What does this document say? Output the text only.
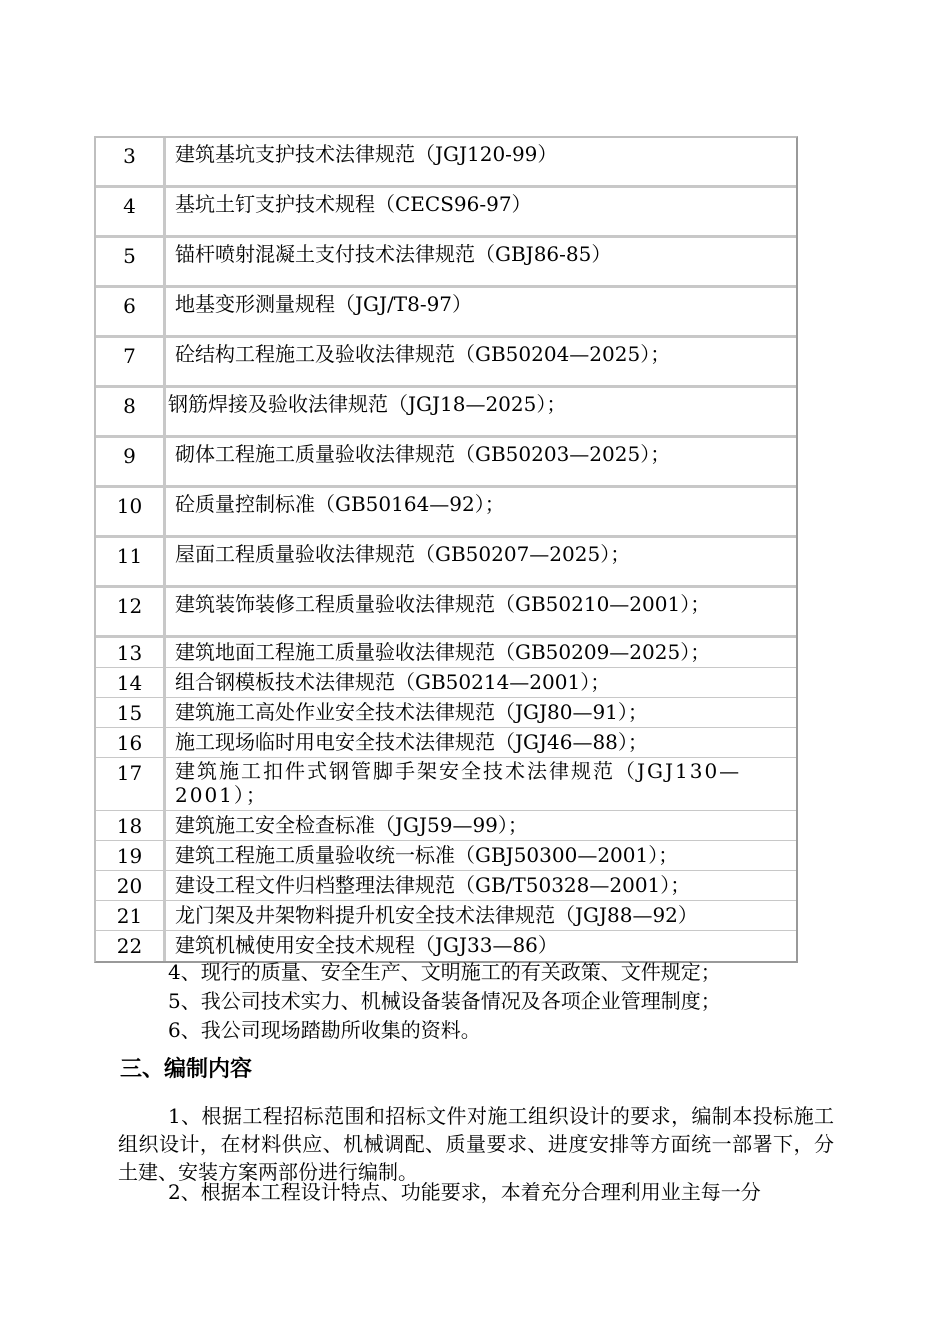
3	建筑基坑支护技术法律规范（JGJ120-99）
4	基坑土钉支护技术规程（CECS96-97）
5	锚杆喷射混凝土支付技术法律规范（GBJ86-85）
6	地基变形测量规程（JGJ/T8-97）
7	砼结构工程施工及验收法律规范（GB50204—2025）；
8	钢筋焊接及验收法律规范（JGJ18—2025）；
9	砌体工程施工质量验收法律规范（GB50203—2025）；
10	砼质量控制标准（GB50164—92）；
11	屋面工程质量验收法律规范（GB50207—2025）；
12	建筑装饰装修工程质量验收法律规范（GB50210—2001）；
13	建筑地面工程施工质量验收法律规范（GB50209—2025）；
14	组合钢模板技术法律规范（GB50214—2001）；
15	建筑施工高处作业安全技术法律规范（JGJ80—91）；
16	施工现场临时用电安全技术法律规范（JGJ46—88）；
17	建筑施工扣件式钢管脚手架安全技术法律规范（JGJ130—2001）；
18	建筑施工安全检查标准（JGJ59—99）；
19	建筑工程施工质量验收统一标准（GBJ50300—2001）；
20	建设工程文件归档整理法律规范（GB/T50328—2001）；
21	龙门架及井架物料提升机安全技术法律规范（JGJ88—92）
22	建筑机械使用安全技术规程（JGJ33—86）
4、现行的质量、安全生产、文明施工的有关政策、文件规定；
5、我公司技术实力、机械设备装备情况及各项企业管理制度；
6、我公司现场踏勘所收集的资料。
三、编制内容
1、根据工程招标范围和招标文件对施工组织设计的要求，编制本投标施工组织设计，在材料供应、机械调配、质量要求、进度安排等方面统一部署下，分土建、安装方案两部份进行编制。
2、根据本工程设计特点、功能要求，本着充分合理利用业主每一分
